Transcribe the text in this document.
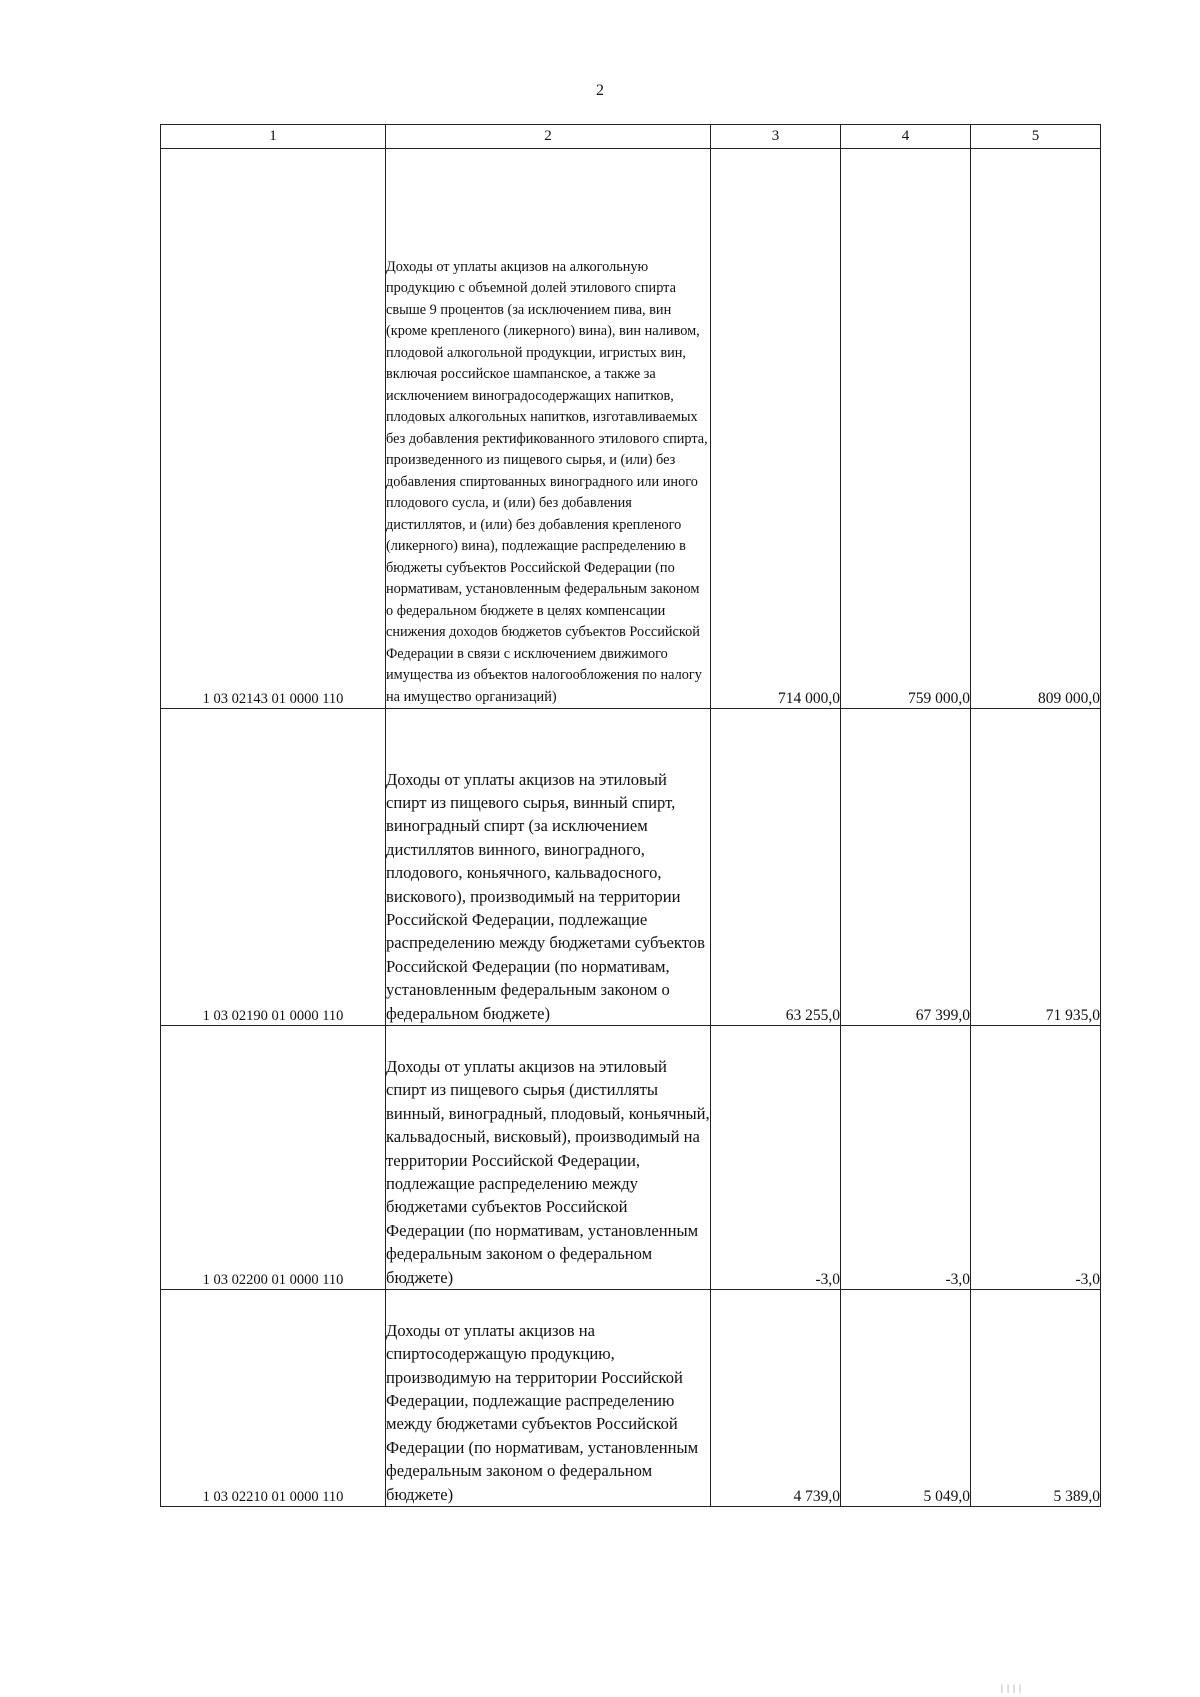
2
1	2	3	4	5
1 03 02143 01 0000 110	Доходы от уплаты акцизов на алкогольную продукцию с объемной долей этилового спирта свыше 9 процентов (за исключением пива, вин (кроме крепленого (ликерного) вина), вин наливом, плодовой алкогольной продукции, игристых вин, включая российское шампанское, а также за исключением виноградосодержащих напитков, плодовых алкогольных напитков, изготавливаемых без добавления ректификованного этилового спирта, произведенного из пищевого сырья, и (или) без добавления спиртованных виноградного или иного плодового сусла, и (или) без добавления дистиллятов, и (или) без добавления крепленого (ликерного) вина), подлежащие распределению в бюджеты субъектов Российской Федерации (по нормативам, установленным федеральным законом о федеральном бюджете в целях компенсации снижения доходов бюджетов субъектов Российской Федерации в связи с исключением движимого имущества из объектов налогообложения по налогу на имущество организаций)	714 000,0	759 000,0	809 000,0
1 03 02190 01 0000 110	Доходы от уплаты акцизов на этиловый спирт из пищевого сырья, винный спирт, виноградный спирт (за исключением дистиллятов винного, виноградного, плодового, коньячного, кальвадосного, вискового), производимый на территории Российской Федерации, подлежащие распределению между бюджетами субъектов Российской Федерации (по нормативам, установленным федеральным законом о федеральном бюджете)	63 255,0	67 399,0	71 935,0
1 03 02200 01 0000 110	Доходы от уплаты акцизов на этиловый спирт из пищевого сырья (дистилляты винный, виноградный, плодовый, коньячный, кальвадосный, висковый), производимый на территории Российской Федерации, подлежащие распределению между бюджетами субъектов Российской Федерации (по нормативам, установленным федеральным законом о федеральном бюджете)	-3,0	-3,0	-3,0
1 03 02210 01 0000 110	Доходы от уплаты акцизов на спиртосодержащую продукцию, производимую на территории Российской Федерации, подлежащие распределению между бюджетами субъектов Российской Федерации (по нормативам, установленным федеральным законом о федеральном бюджете)	4 739,0	5 049,0	5 389,0
| | | |
